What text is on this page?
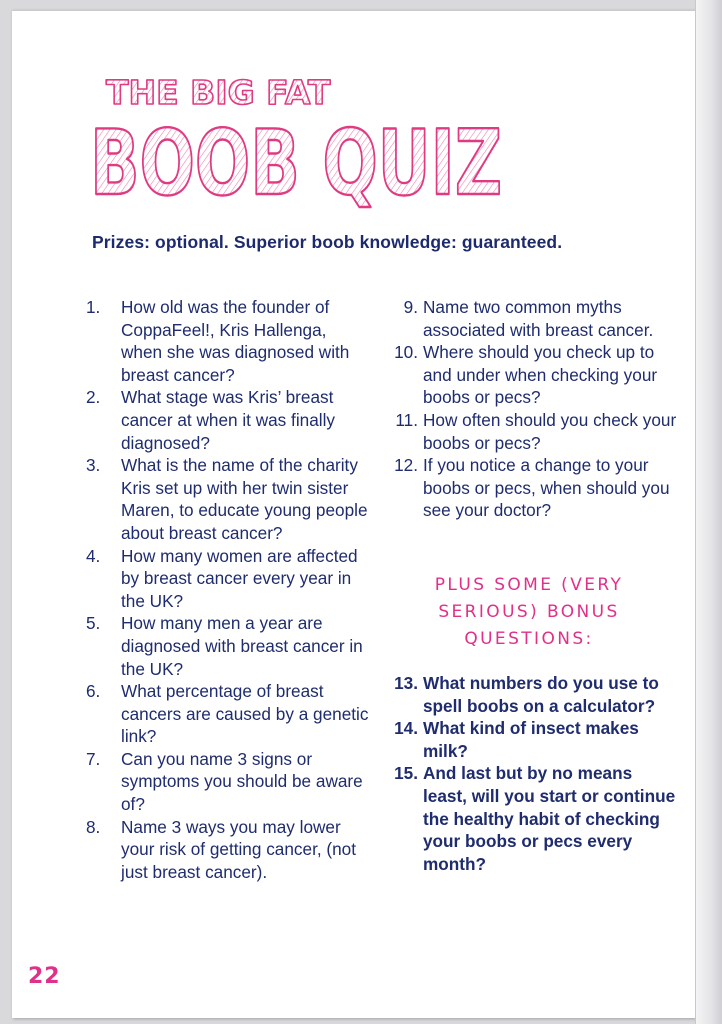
THE BIG FAT
BOOB QUIZ
Prizes: optional. Superior boob knowledge: guaranteed.

1.	How old was the founder of CoppaFeel!, Kris Hallenga, when she was diagnosed with breast cancer?

2.	What stage was Kris’ breast cancer at when it was finally diagnosed?

3.	What is the name of the charity Kris set up with her twin sister Maren, to educate young people about breast cancer?

4.	How many women are affected by breast cancer every year in the UK?

5.	How many men a year are diagnosed with breast cancer in the UK?

6.	What percentage of breast cancers are caused by a genetic link?

7.	Can you name 3 signs or symptoms you should be aware of?

8.	Name 3 ways you may lower your risk of getting cancer, (not just breast cancer).

9. Name two common myths associated with breast cancer.

10. Where should you check up to and under when checking your boobs or pecs?

11. How often should you check your boobs or pecs?

12. If you notice a change to your boobs or pecs, when should you see your doctor?

PLUS SOME (VERY
SERIOUS) BONUS
QUESTIONS:

13. What numbers do you use to spell boobs on a calculator?

14. What kind of insect makes milk?

15. And last but by no means least, will you start or continue the healthy habit of checking your boobs or pecs every month?

22
